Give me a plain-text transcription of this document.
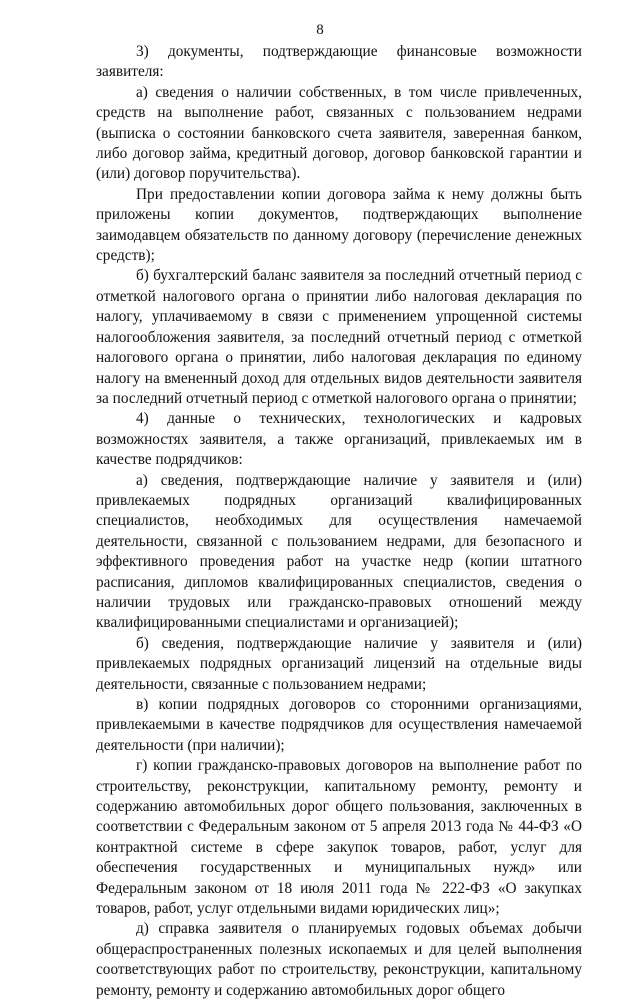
8

3)     документы,     подтверждающие     финансовые     возможности заявителя:

а) сведения о наличии собственных, в том числе привлеченных, средств на выполнение работ, связанных с пользованием недрами (выписка о состоянии банковского счета заявителя, заверенная банком, либо договор займа, кредитный договор, договор банковской гарантии и (или) договор поручительства).

При предоставлении копии договора займа к нему должны быть приложены копии документов, подтверждающих выполнение заимодавцем обязательств по данному договору (перечисление денежных средств);

б) бухгалтерский баланс заявителя за последний отчетный период с отметкой налогового органа о принятии либо налоговая декларация по налогу, уплачиваемому в связи с применением упрощенной системы налогообложения заявителя, за последний отчетный период с отметкой налогового органа о принятии, либо налоговая декларация по единому налогу на вмененный доход для отдельных видов деятельности заявителя за последний отчетный период с отметкой налогового органа о принятии;

4) данные о технических, технологических и кадровых возможностях заявителя, а также организаций, привлекаемых им в качестве подрядчиков:

а) сведения, подтверждающие наличие у заявителя и (или) привлекаемых подрядных организаций квалифицированных специалистов, необходимых для осуществления намечаемой деятельности, связанной с пользованием недрами, для безопасного и эффективного проведения работ на участке недр (копии штатного расписания, дипломов квалифицированных специалистов, сведения о наличии трудовых или гражданско-правовых отношений между квалифицированными специалистами и организацией);

б) сведения, подтверждающие наличие у заявителя и (или) привлекаемых подрядных организаций лицензий на отдельные виды деятельности, связанные с пользованием недрами;

в) копии подрядных договоров со сторонними организациями, привлекаемыми в качестве подрядчиков для осуществления намечаемой деятельности (при наличии);

г) копии гражданско-правовых договоров на выполнение работ по строительству, реконструкции, капитальному ремонту, ремонту и содержанию автомобильных дорог общего пользования, заключенных в соответствии с Федеральным законом от 5 апреля 2013 года № 44-ФЗ «О контрактной системе в сфере закупок товаров, работ, услуг для обеспечения государственных и муниципальных нужд» или Федеральным законом от 18 июля 2011 года № 222-ФЗ «О закупках товаров, работ, услуг отдельными видами юридических лиц»;

д) справка заявителя о планируемых годовых объемах добычи общераспространенных полезных ископаемых и для целей выполнения соответствующих работ по строительству, реконструкции, капитальному ремонту, ремонту и содержанию автомобильных дорог общего
